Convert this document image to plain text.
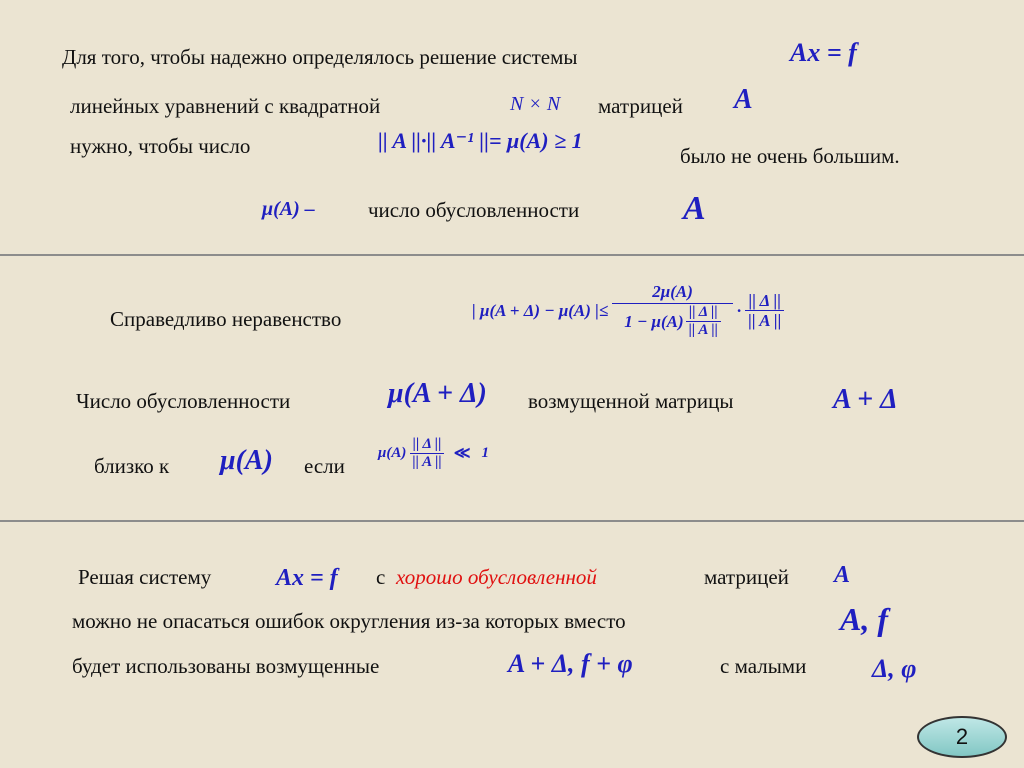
Для того, чтобы надежно определялось решение системы	Ax = f
линейных уравнений с квадратной	N × N матрицей A
нужно, чтобы число	|| A ||·|| A⁻¹ ||= μ(A) ≥ 1
было не очень большим.
μ(A) –	число обусловленности	A
Справедливо неравенство	| μ(A + Δ) − μ(A) |≤ $\frac{2\mu(A)}{1 - \mu(A) \frac{|| \Delta ||}{|| A ||}} \cdot \frac{|| \Delta ||}{|| A ||}$
Число обусловленности	μ(A + Δ) возмущенной матрицы	A + Δ
близко к μ(A) если
$\mu(A) \frac{|| \Delta ||}{|| A ||}$ ≪ 1
Решая систему	Ax = f с хорошо обусловленной	матрицей A
можно не опасаться ошибок округления из-за которых вместо	A, f
будет использованы возмущенные	A + Δ, f + φ	с малыми	Δ, φ
2
